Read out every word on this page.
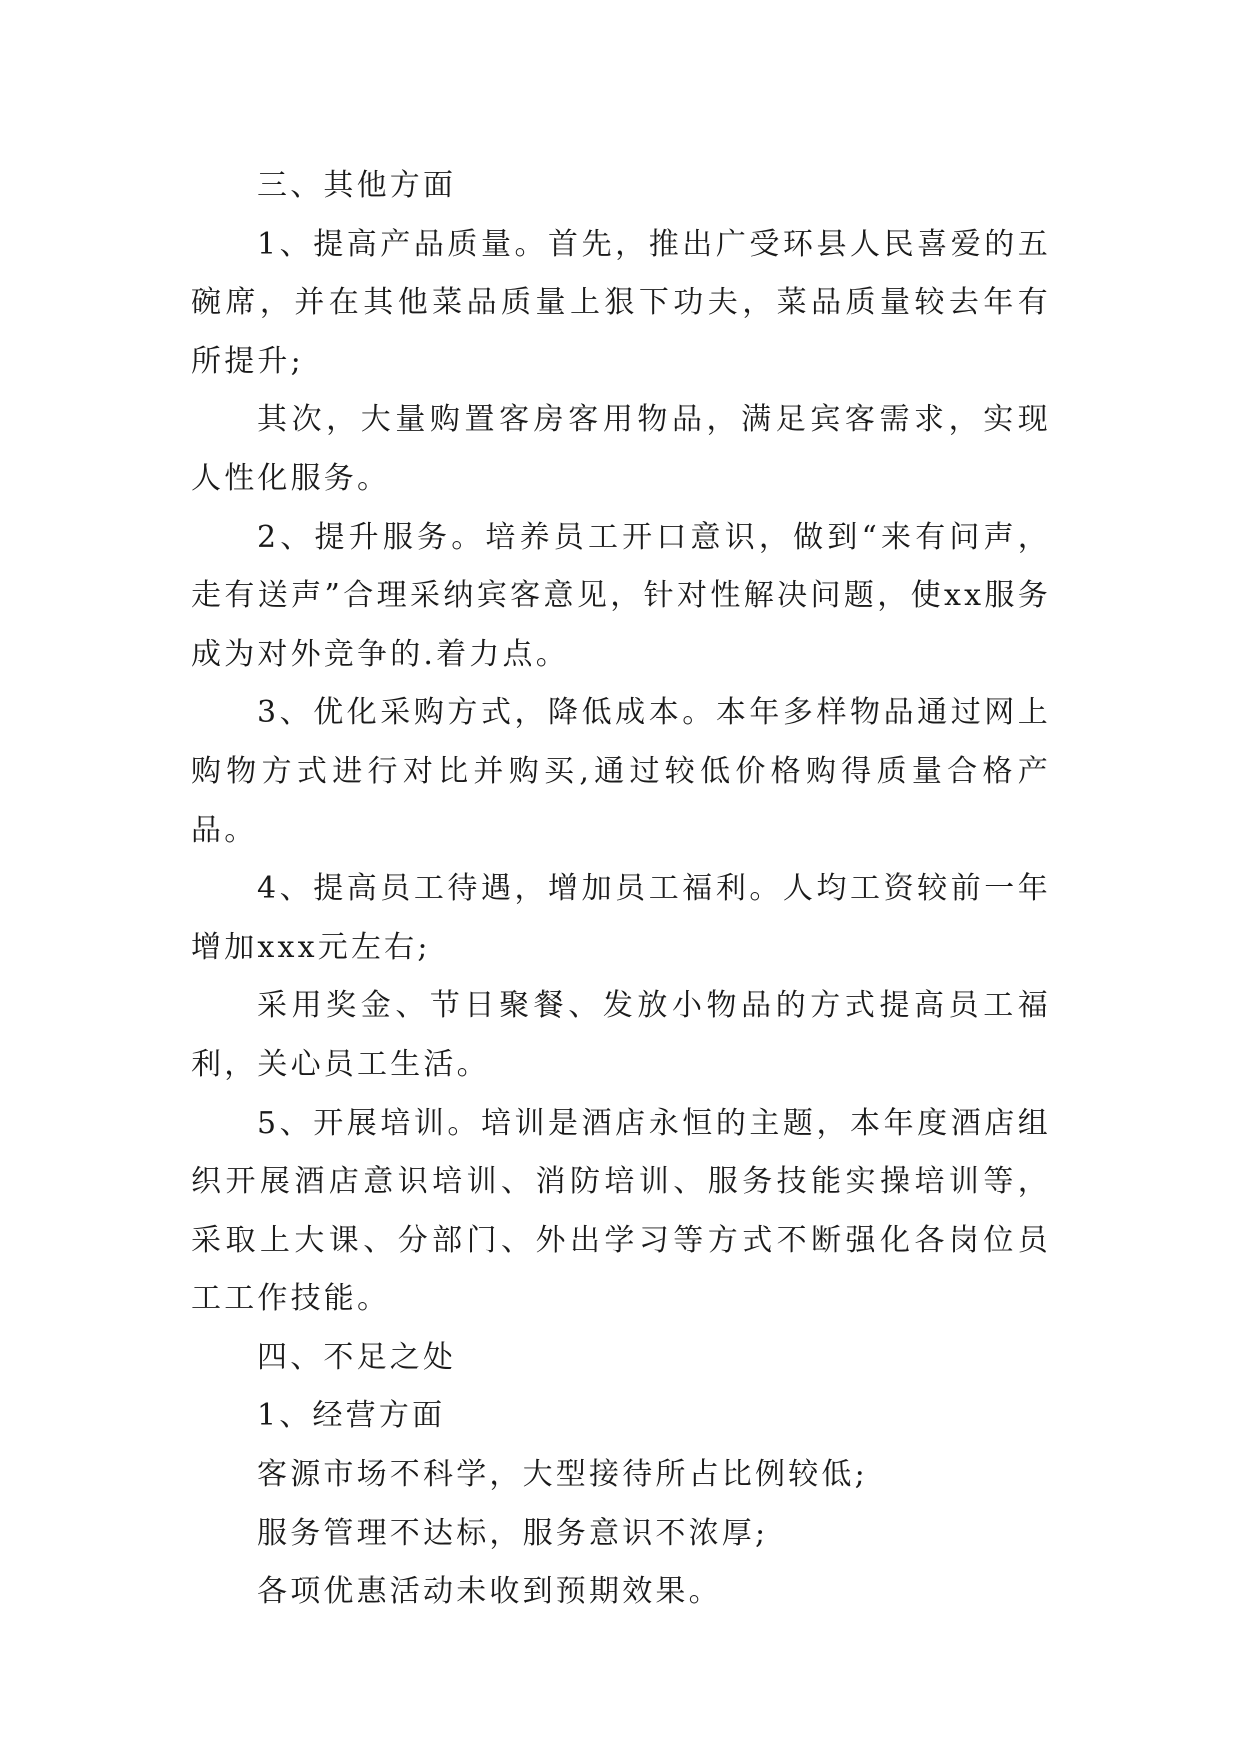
三、其他方面

1、提高产品质量。首先，推出广受环县人民喜爱的五碗席，并在其他菜品质量上狠下功夫，菜品质量较去年有所提升;

其次，大量购置客房客用物品，满足宾客需求，实现人性化服务。

2、提升服务。培养员工开口意识，做到“来有问声，走有送声”合理采纳宾客意见，针对性解决问题，使xx服务成为对外竞争的.着力点。

3、优化采购方式，降低成本。本年多样物品通过网上购物方式进行对比并购买,通过较低价格购得质量合格产品。

4、提高员工待遇，增加员工福利。人均工资较前一年增加xxx元左右;

采用奖金、节日聚餐、发放小物品的方式提高员工福利，关心员工生活。

5、开展培训。培训是酒店永恒的主题，本年度酒店组织开展酒店意识培训、消防培训、服务技能实操培训等，采取上大课、分部门、外出学习等方式不断强化各岗位员工工作技能。

四、不足之处

1、经营方面

客源市场不科学，大型接待所占比例较低;

服务管理不达标，服务意识不浓厚;

各项优惠活动未收到预期效果。
